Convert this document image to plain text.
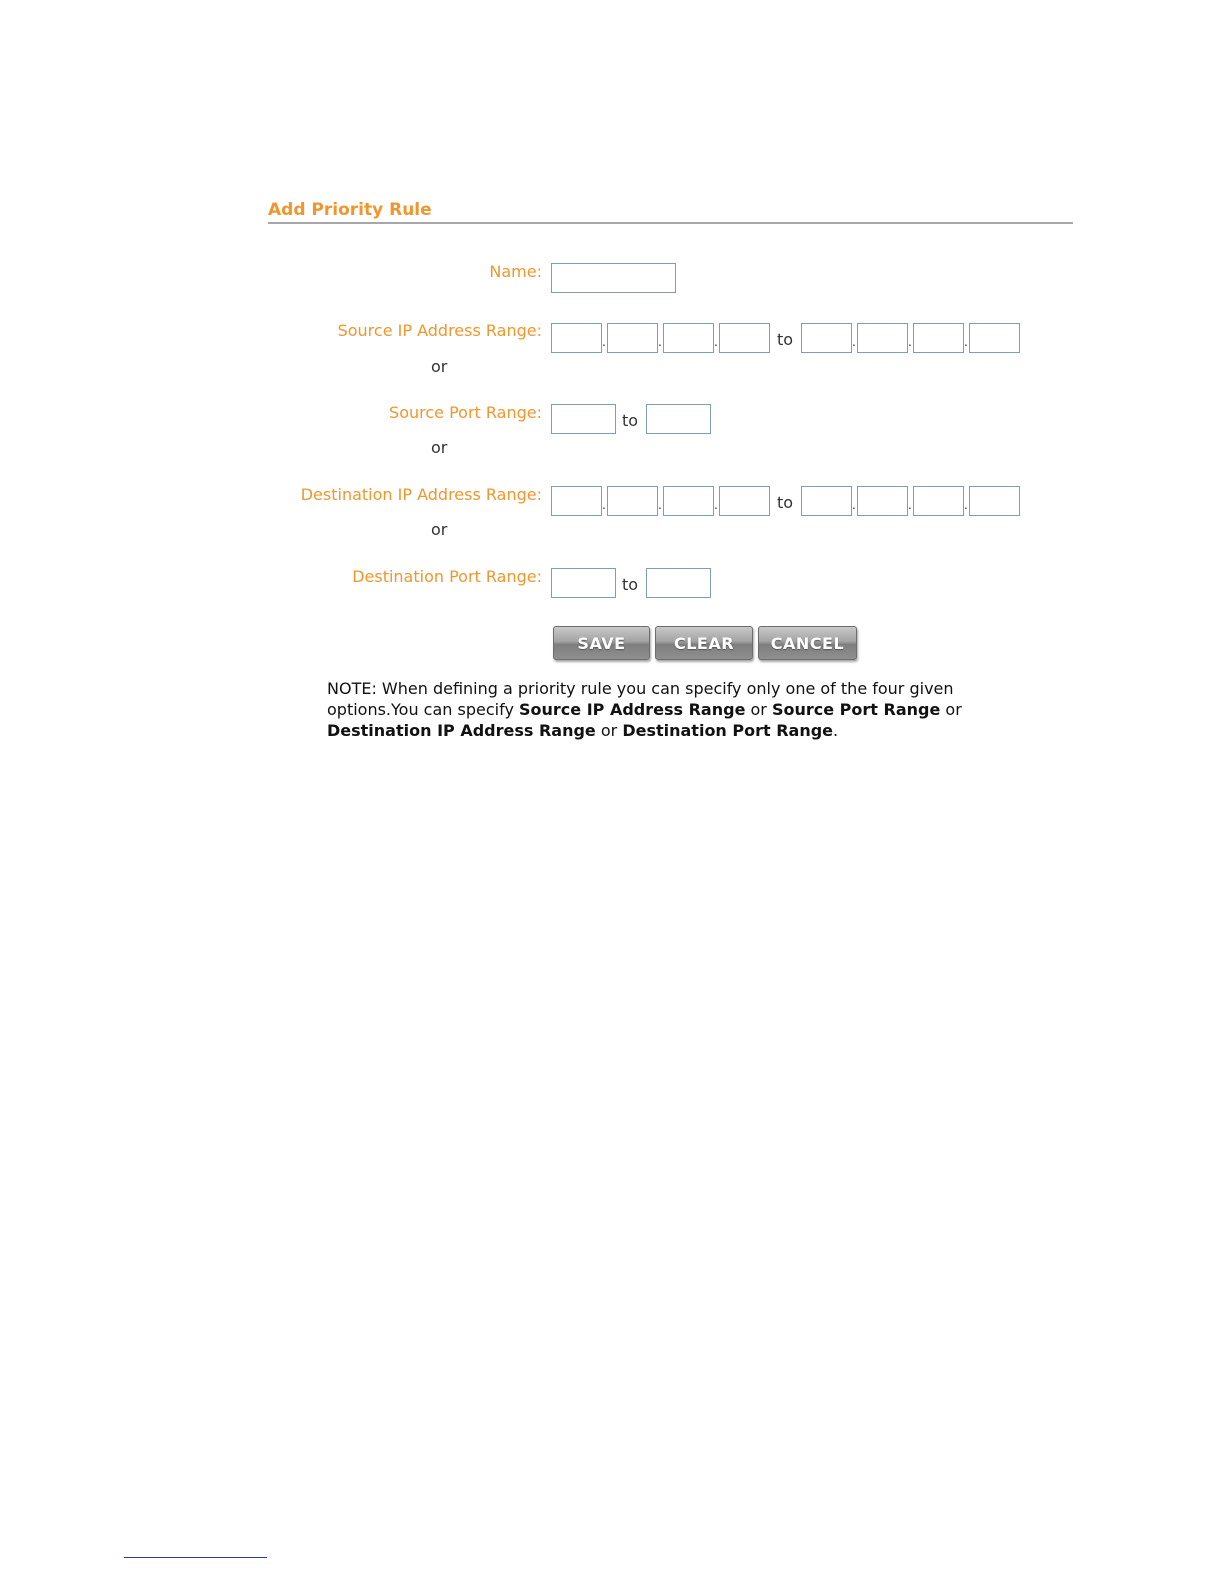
Add Priority Rule
Name:
Source IP Address Range:
.	.	.	to	.	.	.
or
Source Port Range:	to
or
Destination IP Address Range:
.	.	.	to	.	.	.
or
Destination Port Range:	to
SAVE	CLEAR	CANCEL
NOTE: When defining a priority rule you can specify only one of the four given options.You can specify Source IP Address Range or Source Port Range or Destination IP Address Range or Destination Port Range.
